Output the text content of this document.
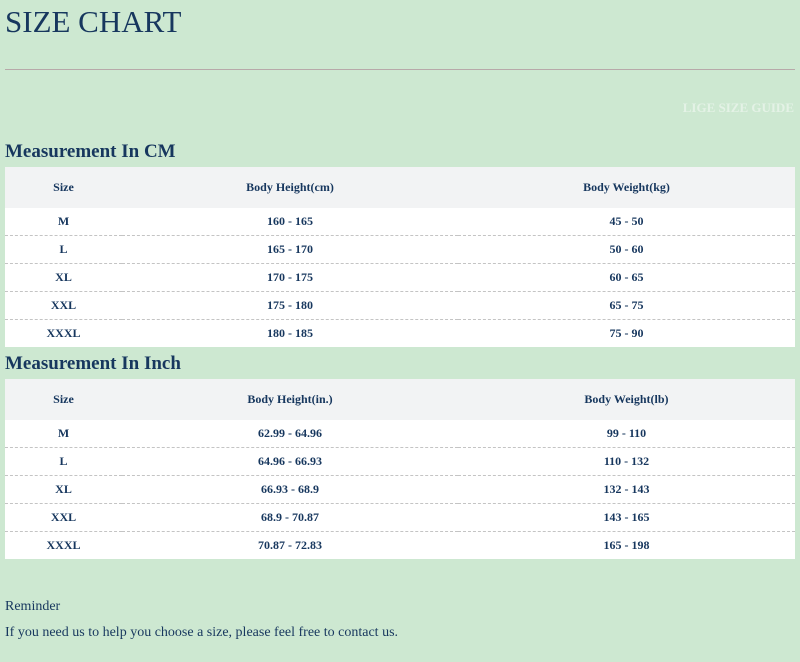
SIZE CHART
LIGE SIZE GUIDE
Measurement In CM
Size	Body Height(cm)	Body Weight(kg)
M	160 - 165	45 - 50
L	165 - 170	50 - 60
XL	170 - 175	60 - 65
XXL	175 - 180	65 - 75
XXXL	180 - 185	75 - 90
Measurement In Inch
Size	Body Height(in.)	Body Weight(lb)
M	62.99 - 64.96	99 - 110
L	64.96 - 66.93	110 - 132
XL	66.93 - 68.9	132 - 143
XXL	68.9 - 70.87	143 - 165
XXXL	70.87 - 72.83	165 - 198

Reminder

If you need us to help you choose a size, please feel free to contact us.
